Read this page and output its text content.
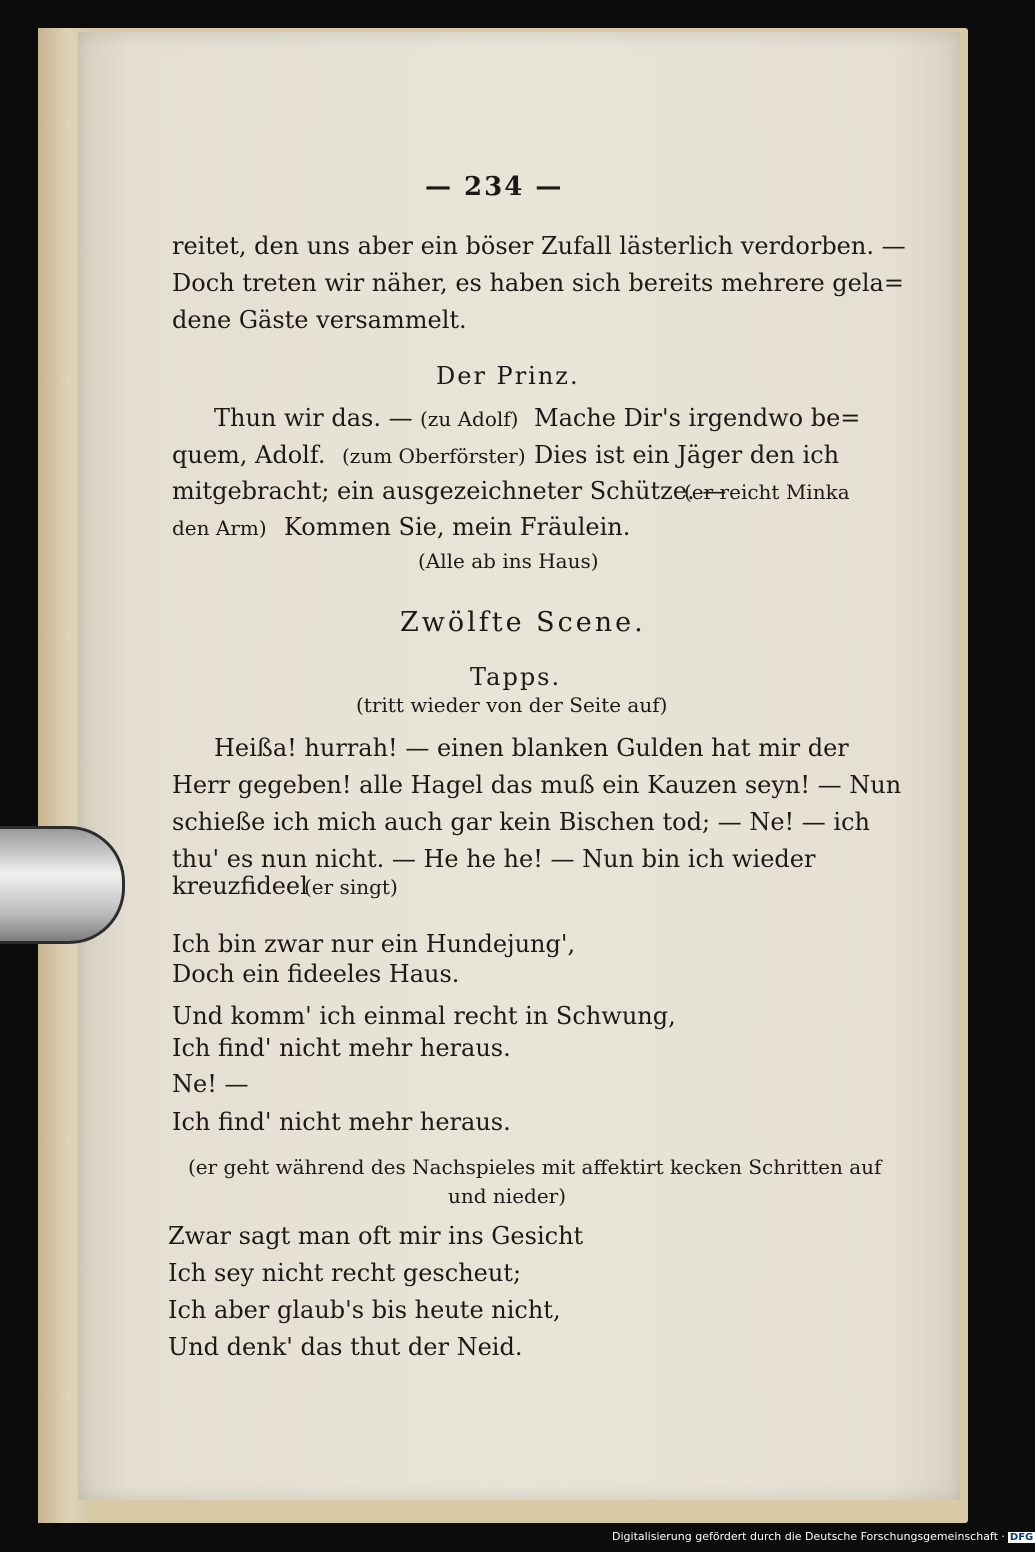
— 234 —
reitet, den uns aber ein böser Zufall lästerlich verdorben. —
Doch treten wir näher, es haben sich bereits mehrere gela=
dene Gäste versammelt.
Der Prinz.
Thun wir das. — (zu Adolf) Mache Dir's irgendwo be=
quem, Adolf. (zum Oberförster) Dies ist ein Jäger den ich
mitgebracht; ein ausgezeichneter Schütze. —
(er reicht Minka
den Arm) Kommen Sie, mein Fräulein.
(Alle ab ins Haus)
Zwölfte Scene.
Tapps.
(tritt wieder von der Seite auf)
Heißa! hurrah! — einen blanken Gulden hat mir der
Herr gegeben! alle Hagel das muß ein Kauzen seyn! — Nun
schieße ich mich auch gar kein Bischen tod; — Ne! — ich
thu' es nun nicht. — He he he! — Nun bin ich wieder
kreuzfideel
(er singt)
Ich bin zwar nur ein Hundejung',
Doch ein fideeles Haus.
Und komm' ich einmal recht in Schwung,
Ich find' nicht mehr heraus.
Ne! —
Ich find' nicht mehr heraus.
(er geht während des Nachspieles mit affektirt kecken Schritten auf
und nieder)
Zwar sagt man oft mir ins Gesicht
Ich sey nicht recht gescheut;
Ich aber glaub's bis heute nicht,
Und denk' das thut der Neid.
Digitalisierung gefördert durch die Deutsche Forschungsgemeinschaft · DFG
